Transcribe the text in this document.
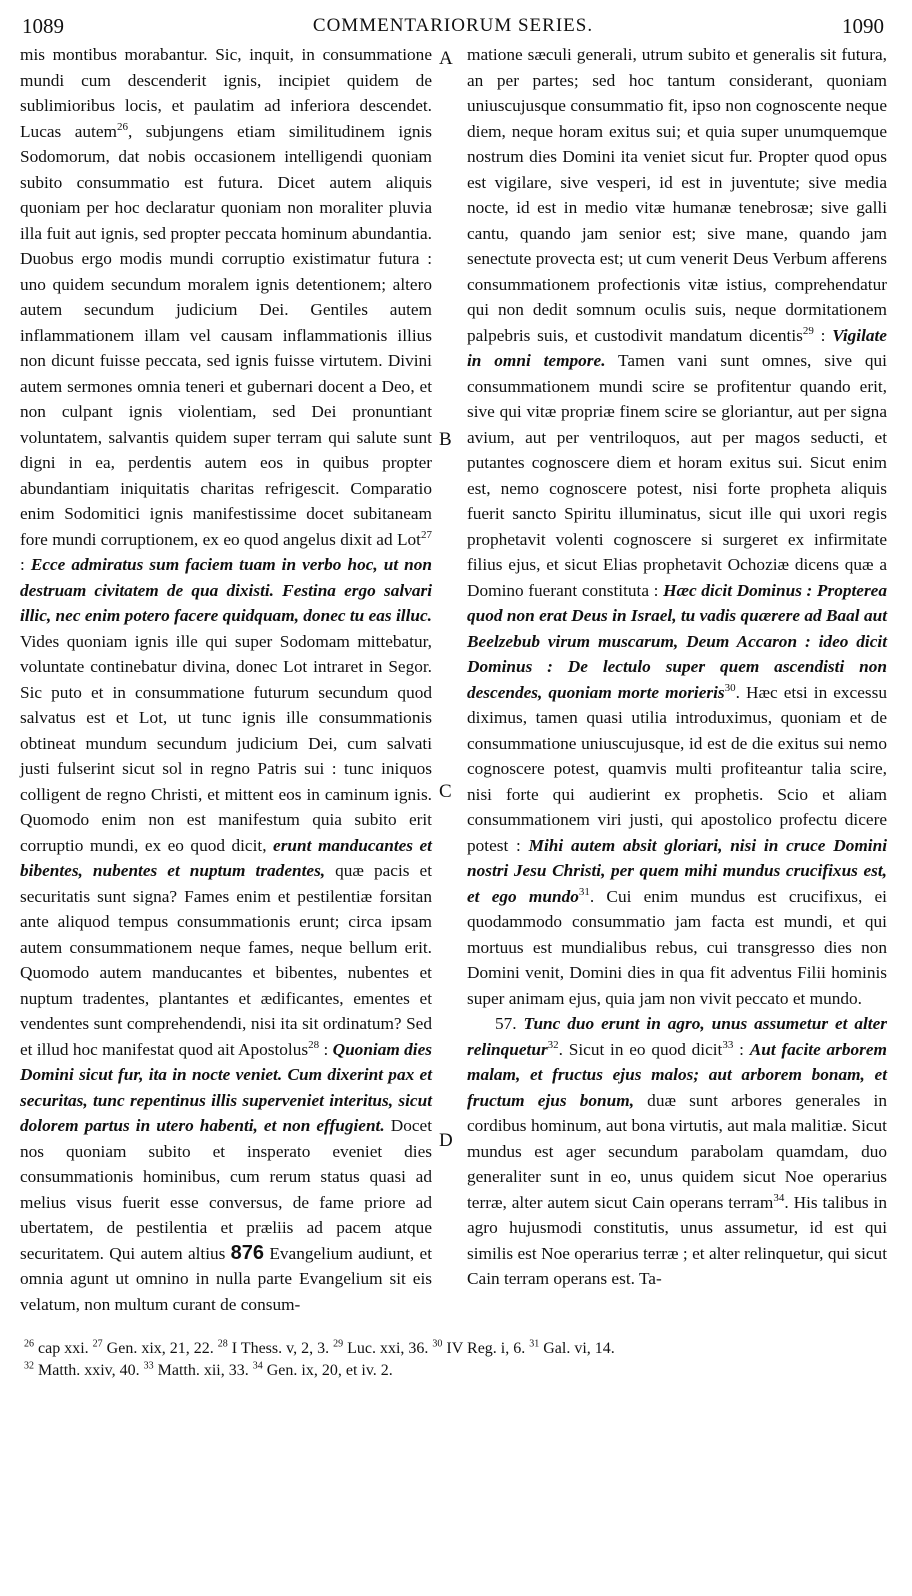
1089	COMMENTARIORUM SERIES.	1090
A
B
C
D

mis montibus morabantur. Sic, inquit, in consummatione mundi cum descenderit ignis, incipiet quidem de sublimioribus locis, et paulatim ad inferiora descendet. Lucas autem$^{26}$, subjungens etiam similitudinem ignis Sodomorum, dat nobis occasionem intelligendi quoniam subito consummatio est futura. Dicet autem aliquis quoniam per hoc declaratur quoniam non moraliter pluvia illa fuit aut ignis, sed propter peccata hominum abundantia. Duobus ergo modis mundi corruptio existimatur futura : uno quidem secundum moralem ignis detentionem; altero autem secundum judicium Dei. Gentiles autem inflammationem illam vel causam inflammationis illius non dicunt fuisse peccata, sed ignis fuisse virtutem. Divini autem sermones omnia teneri et gubernari docent a Deo, et non culpant ignis violentiam, sed Dei pronuntiant voluntatem, salvantis quidem super terram qui salute sunt digni in ea, perdentis autem eos in quibus propter abundantiam iniquitatis charitas refrigescit. Comparatio enim Sodomitici ignis manifestissime docet subitaneam fore mundi corruptionem, ex eo quod angelus dixit ad Lot$^{27}$ : Ecce admiratus sum faciem tuam in verbo hoc, ut non destruam civitatem de qua dixisti. Festina ergo salvari illic, nec enim potero facere quidquam, donec tu eas illuc. Vides quoniam ignis ille qui super Sodomam mittebatur, voluntate continebatur divina, donec Lot intraret in Segor. Sic puto et in consummatione futurum secundum quod salvatus est et Lot, ut tunc ignis ille consummationis obtineat mundum secundum judicium Dei, cum salvati justi fulserint sicut sol in regno Patris sui : tunc iniquos colligent de regno Christi, et mittent eos in caminum ignis. Quomodo enim non est manifestum quia subito erit corruptio mundi, ex eo quod dicit, erunt manducantes et bibentes, nubentes et nuptum tradentes, quæ pacis et securitatis sunt signa? Fames enim et pestilentiæ forsitan ante aliquod tempus consummationis erunt; circa ipsam autem consummationem neque fames, neque bellum erit. Quomodo autem manducantes et bibentes, nubentes et nuptum tradentes, plantantes et ædificantes, ementes et vendentes sunt comprehendendi, nisi ita sit ordinatum? Sed et illud hoc manifestat quod ait Apostolus$^{28}$ : Quoniam dies Domini sicut fur, ita in nocte veniet. Cum dixerint pax et securitas, tunc repentinus illis superveniet interitus, sicut dolorem partus in utero habenti, et non effugient. Docet nos quoniam subito et insperato eveniet dies consummationis hominibus, cum rerum status quasi ad melius visus fuerit esse conversus, de fame priore ad ubertatem, de pestilentia et præliis ad pacem atque securitatem. Qui autem altius 876 Evangelium audiunt, et omnia agunt ut omnino in nulla parte Evangelium sit eis velatum, non multum curant de consum-

matione sæculi generali, utrum subito et generalis sit futura, an per partes; sed hoc tantum considerant, quoniam uniuscujusque consummatio fit, ipso non cognoscente neque diem, neque horam exitus sui; et quia super unumquemque nostrum dies Domini ita veniet sicut fur. Propter quod opus est vigilare, sive vesperi, id est in juventute; sive media nocte, id est in medio vitæ humanæ tenebrosæ; sive galli cantu, quando jam senior est; sive mane, quando jam senectute provecta est; ut cum venerit Deus Verbum afferens consummationem profectionis vitæ istius, comprehendatur qui non dedit somnum oculis suis, neque dormitationem palpebris suis, et custodivit mandatum dicentis$^{29}$ : Vigilate in omni tempore. Tamen vani sunt omnes, sive qui consummationem mundi scire se profitentur quando erit, sive qui vitæ propriæ finem scire se gloriantur, aut per signa avium, aut per ventriloquos, aut per magos seducti, et putantes cognoscere diem et horam exitus sui. Sicut enim est, nemo cognoscere potest, nisi forte propheta aliquis fuerit sancto Spiritu illuminatus, sicut ille qui uxori regis prophetavit volenti cognoscere si surgeret ex infirmitate filius ejus, et sicut Elias prophetavit Ochoziæ dicens quæ a Domino fuerant constituta : Hæc dicit Dominus : Propterea quod non erat Deus in Israel, tu vadis quærere ad Baal aut Beelzebub virum muscarum, Deum Accaron : ideo dicit Dominus : De lectulo super quem ascendisti non descendes, quoniam morte morieris$^{30}$. Hæc etsi in excessu diximus, tamen quasi utilia introduximus, quoniam et de consummatione uniuscujusque, id est de die exitus sui nemo cognoscere potest, quamvis multi profiteantur talia scire, nisi forte qui audierint ex prophetis. Scio et aliam consummationem viri justi, qui apostolico profectu dicere potest : Mihi autem absit gloriari, nisi in cruce Domini nostri Jesu Christi, per quem mihi mundus crucifixus est, et ego mundo$^{31}$. Cui enim mundus est crucifixus, ei quodammodo consummatio jam facta est mundi, et qui mortuus est mundialibus rebus, cui transgresso dies non Domini venit, Domini dies in qua fit adventus Filii hominis super animam ejus, quia jam non vivit peccato et mundo.

57. Tunc duo erunt in agro, unus assumetur et alter relinquetur$^{32}$. Sicut in eo quod dicit$^{33}$ : Aut facite arborem malam, et fructus ejus malos; aut arborem bonam, et fructum ejus bonum, duæ sunt arbores generales in cordibus hominum, aut bona virtutis, aut mala malitiæ. Sicut mundus est ager secundum parabolam quamdam, duo generaliter sunt in eo, unus quidem sicut Noe operarius terræ, alter autem sicut Cain operans terram$^{34}$. His talibus in agro hujusmodi constitutis, unus assumetur, id est qui similis est Noe operarius terræ ; et alter relinquetur, qui sicut Cain terram operans est. Ta-

$^{26}$ cap xxi. $^{27}$ Gen. xix, 21, 22. $^{28}$ I Thess. v, 2, 3. $^{29}$ Luc. xxi, 36. $^{30}$ IV Reg. i, 6. $^{31}$ Gal. vi, 14.
$^{32}$ Matth. xxiv, 40. $^{33}$ Matth. xii, 33. $^{34}$ Gen. ix, 20, et iv. 2.
